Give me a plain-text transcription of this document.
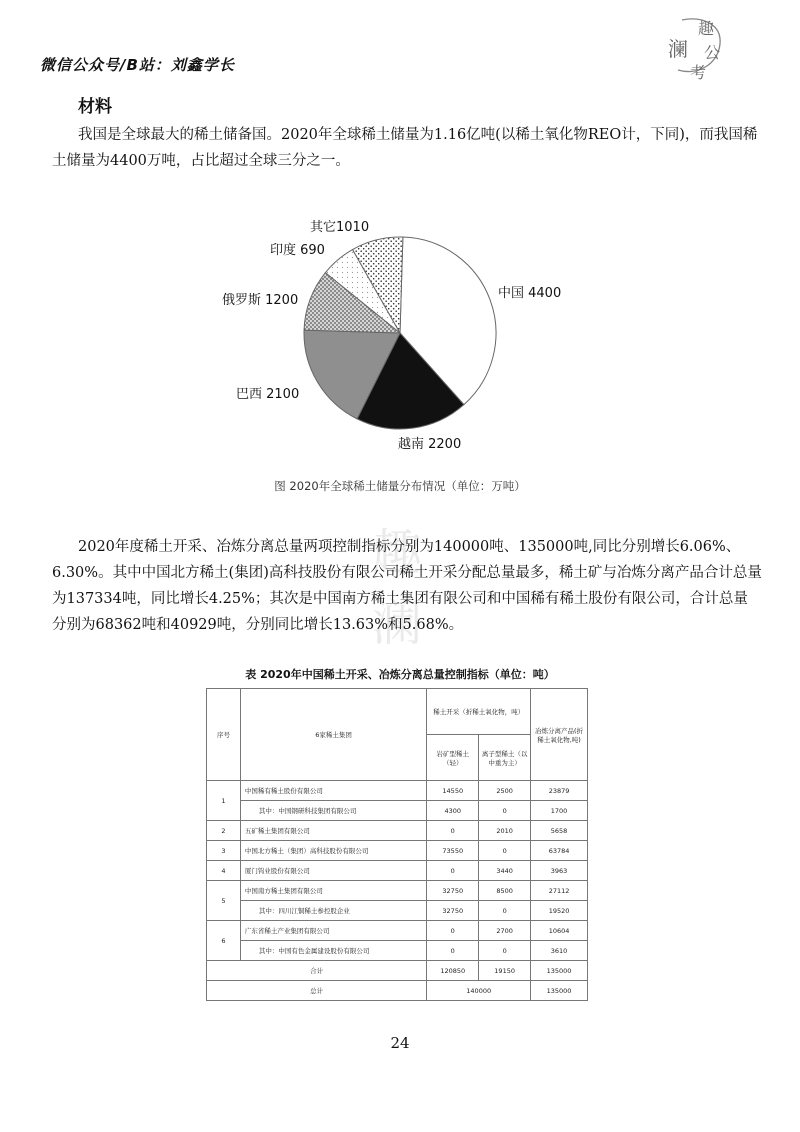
微信公众号/B站：刘鑫学长
趣
澜 公
考
材料
我国是全球最大的稀土储备国。2020年全球稀土储量为1.16亿吨(以稀土氧化物REO计，下同)，而我国稀土储量为4400万吨，占比超过全球三分之一。
中国 4400
越南 2200
巴西 2100
俄罗斯 1200
印度 690
其它1010
图 2020年全球稀土储量分布情况（单位：万吨）
趣
澜
2020年度稀土开采、冶炼分离总量两项控制指标分别为140000吨、135000吨,同比分别增长6.06%、6.30%。其中中国北方稀土(集团)高科技股份有限公司稀土开采分配总量最多，稀土矿与冶炼分离产品合计总量为137334吨，同比增长4.25%；其次是中国南方稀土集团有限公司和中国稀有稀土股份有限公司，合计总量分别为68362吨和40929吨，分别同比增长13.63%和5.68%。
表 2020年中国稀土开采、冶炼分离总量控制指标（单位：吨）
序号	6家稀土集团	稀土开采（折稀土氧化物，吨）		冶炼分离产品(折稀土氧化物,吨)
		岩矿型稀土（轻）	离子型稀土（以中重为主）	
1	中国稀有稀土股份有限公司	14550	2500	23879
	其中：中国钢研科技集团有限公司	4300	0	1700
2	五矿稀土集团有限公司	0	2010	5658
3	中国北方稀土（集团）高科技股份有限公司	73550	0	63784
4	厦门钨业股份有限公司	0	3440	3963
5	中国南方稀土集团有限公司	32750	8500	27112
	其中：四川江铜稀土参控股企业	32750	0	19520
6	广东省稀土产业集团有限公司	0	2700	10604
	其中：中国有色金属建设股份有限公司	0	0	3610
合计		120850	19150	135000
总计		140000		135000
24
